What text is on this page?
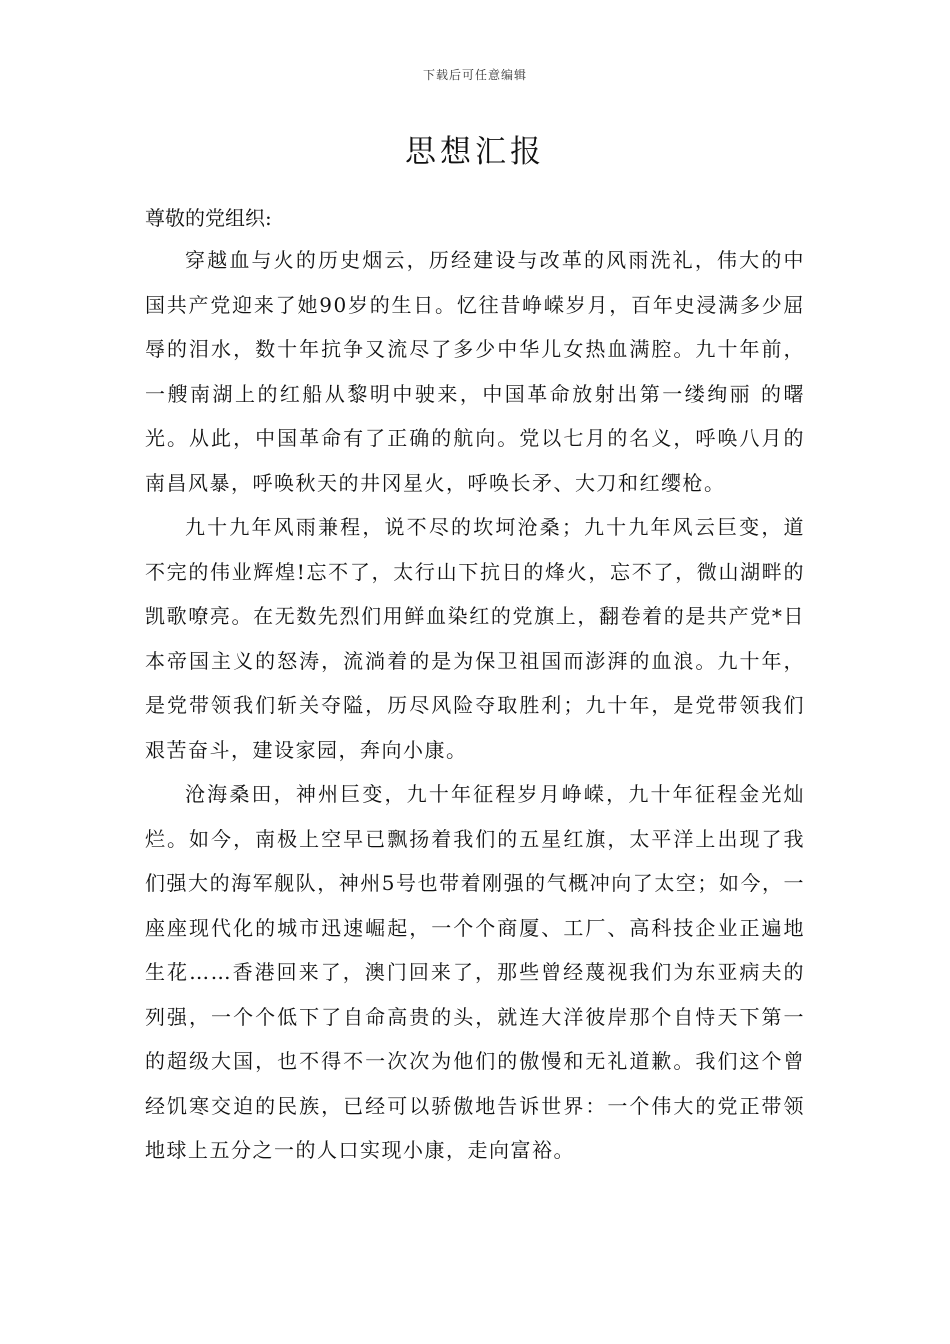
下载后可任意编辑
思想汇报

尊敬的党组织:

穿越血与火的历史烟云，历经建设与改革的风雨洗礼，伟大的中国共产党迎来了她90岁的生日。忆往昔峥嵘岁月，百年史浸满多少屈辱的泪水，数十年抗争又流尽了多少中华儿女热血满腔。九十年前，一艘南湖上的红船从黎明中驶来，中国革命放射出第一缕绚丽 的曙光。从此，中国革命有了正确的航向。党以七月的名义，呼唤八月的南昌风暴，呼唤秋天的井冈星火，呼唤长矛、大刀和红缨枪。

九十九年风雨兼程，说不尽的坎坷沧桑；九十九年风云巨变，道不完的伟业辉煌!忘不了，太行山下抗日的烽火，忘不了，微山湖畔的凯歌嘹亮。在无数先烈们用鲜血染红的党旗上，翻卷着的是共产党*日本帝国主义的怒涛，流淌着的是为保卫祖国而澎湃的血浪。九十年，是党带领我们斩关夺隘，历尽风险夺取胜利；九十年，是党带领我们艰苦奋斗，建设家园，奔向小康。

沧海桑田，神州巨变，九十年征程岁月峥嵘，九十年征程金光灿烂。如今，南极上空早已飘扬着我们的五星红旗，太平洋上出现了我们强大的海军舰队，神州5号也带着刚强的气概冲向了太空；如今，一座座现代化的城市迅速崛起，一个个商厦、工厂、高科技企业正遍地生花……香港回来了，澳门回来了，那些曾经蔑视我们为东亚病夫的列强，一个个低下了自命高贵的头，就连大洋彼岸那个自恃天下第一的超级大国，也不得不一次次为他们的傲慢和无礼道歉。我们这个曾经饥寒交迫的民族，已经可以骄傲地告诉世界：一个伟大的党正带领地球上五分之一的人口实现小康，走向富裕。
